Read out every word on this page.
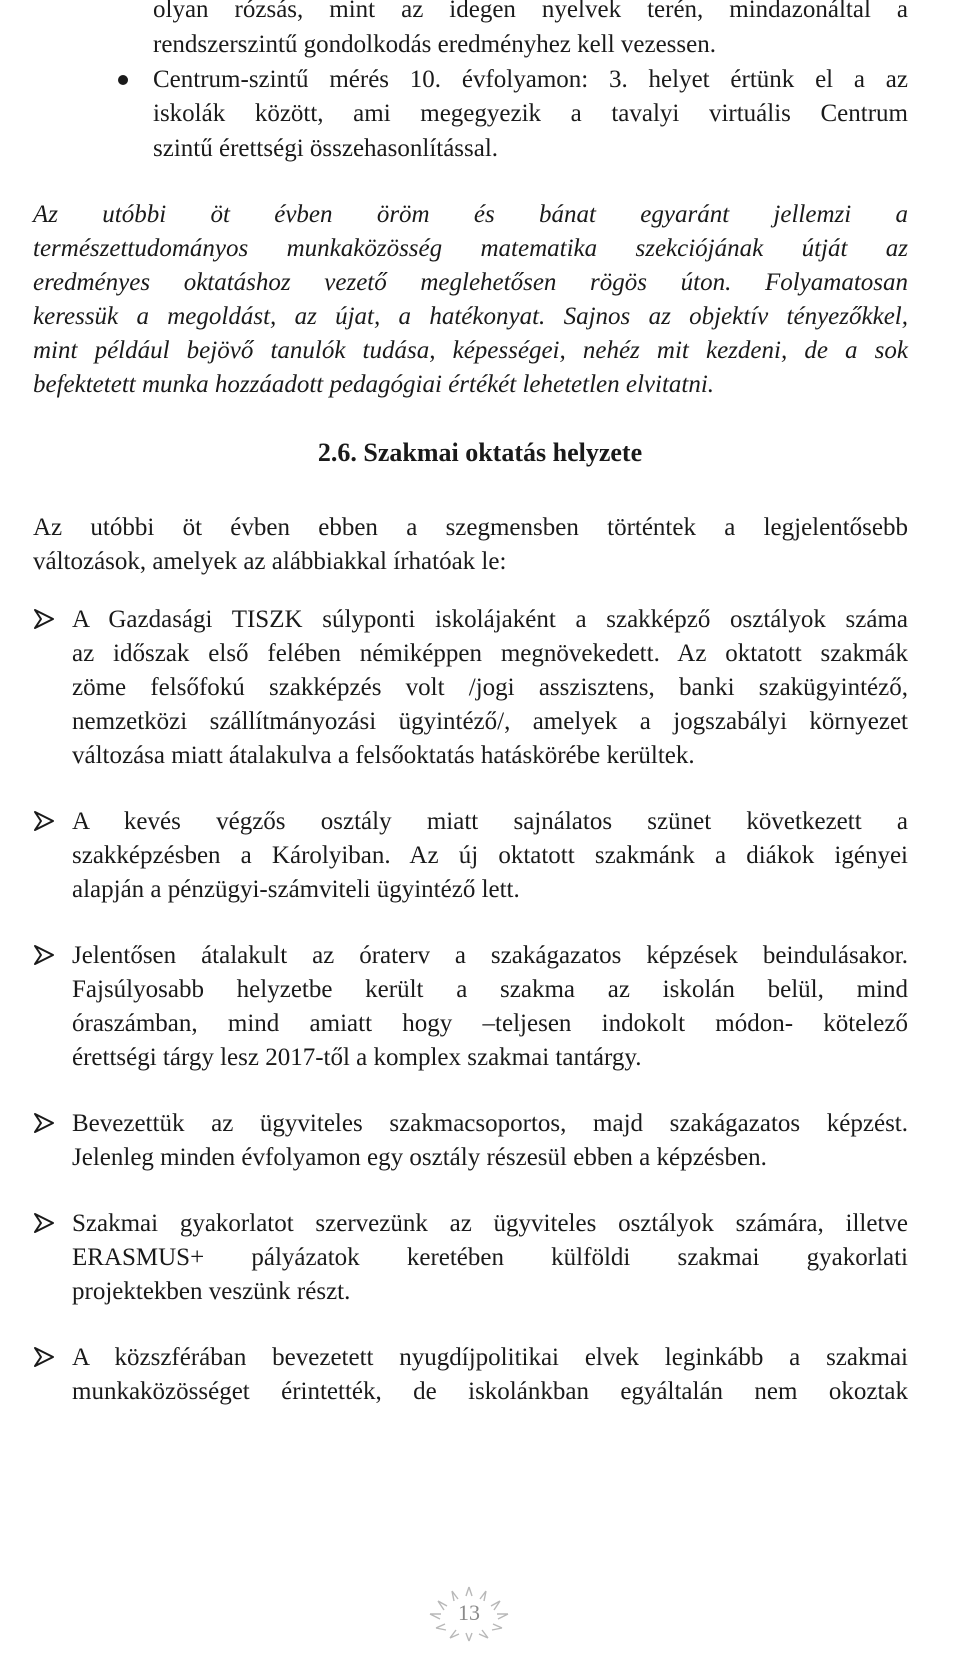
olyan rózsás, mint az idegen nyelvek terén, mindazonáltal a
rendszerszintű gondolkodás eredményhez kell vezessen.
Centrum-szintű mérés 10. évfolyamon: 3. helyet értünk el a az
iskolák között, ami megegyezik a tavalyi virtuális Centrum
szintű érettségi összehasonlítással.
Az utóbbi öt évben öröm és bánat egyaránt jellemzi a
természettudományos munkaközösség matematika szekciójának útját az
eredményes oktatáshoz vezető meglehetősen rögös úton. Folyamatosan
keressük a megoldást, az újat, a hatékonyat. Sajnos az objektív tényezőkkel,
mint például bejövő tanulók tudása, képességei, nehéz mit kezdeni, de a sok
befektetett munka hozzáadott pedagógiai értékét lehetetlen elvitatni.
2.6. Szakmai oktatás helyzete
Az utóbbi öt évben ebben a szegmensben történtek a legjelentősebb
változások, amelyek az alábbiakkal írhatóak le:
A Gazdasági TISZK súlyponti iskolájaként a szakképző osztályok száma
az időszak első felében némiképpen megnövekedett. Az oktatott szakmák
zöme felsőfokú szakképzés volt /jogi asszisztens, banki szakügyintéző,
nemzetközi szállítmányozási ügyintéző/, amelyek a jogszabályi környezet
változása miatt átalakulva a felsőoktatás hatáskörébe kerültek.
A kevés végzős osztály miatt sajnálatos szünet következett a
szakképzésben a Károlyiban. Az új oktatott szakmánk a diákok igényei
alapján a pénzügyi-számviteli ügyintéző lett.
Jelentősen átalakult az óraterv a szakágazatos képzések beindulásakor.
Fajsúlyosabb helyzetbe került a szakma az iskolán belül, mind
óraszámban, mind amiatt hogy –teljesen indokolt módon- kötelező
érettségi tárgy lesz 2017-től a komplex szakmai tantárgy.
Bevezettük az ügyviteles szakmacsoportos, majd szakágazatos képzést.
Jelenleg minden évfolyamon egy osztály részesül ebben a képzésben.
Szakmai gyakorlatot szervezünk az ügyviteles osztályok számára, illetve
ERASMUS+ pályázatok keretében külföldi szakmai gyakorlati
projektekben veszünk részt.
A közszférában bevezetett nyugdíjpolitikai elvek leginkább a szakmai
munkaközösséget érintették, de iskolánkban egyáltalán nem okoztak
13
